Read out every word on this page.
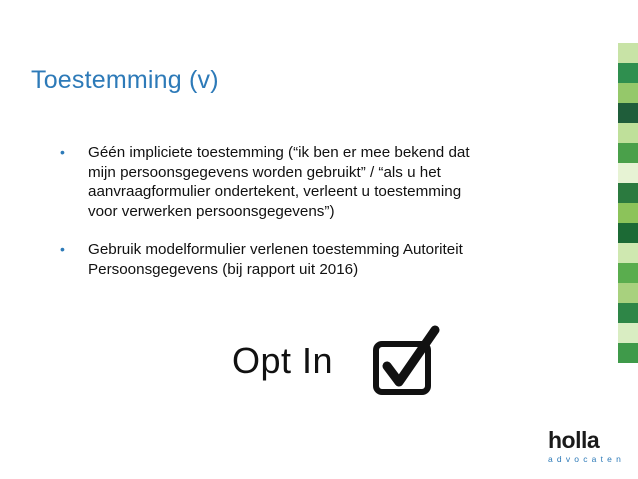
Toestemming (v)
• Géén impliciete toestemming (“ik ben er mee bekend dat mijn persoonsgegevens worden gebruikt” / “als u het aanvraagformulier ondertekent, verleent u toestemming voor verwerken persoonsgegevens”)
• Gebruik modelformulier verlenen toestemming Autoriteit Persoonsgegevens (bij rapport uit 2016)
Opt In
holla
advocaten
